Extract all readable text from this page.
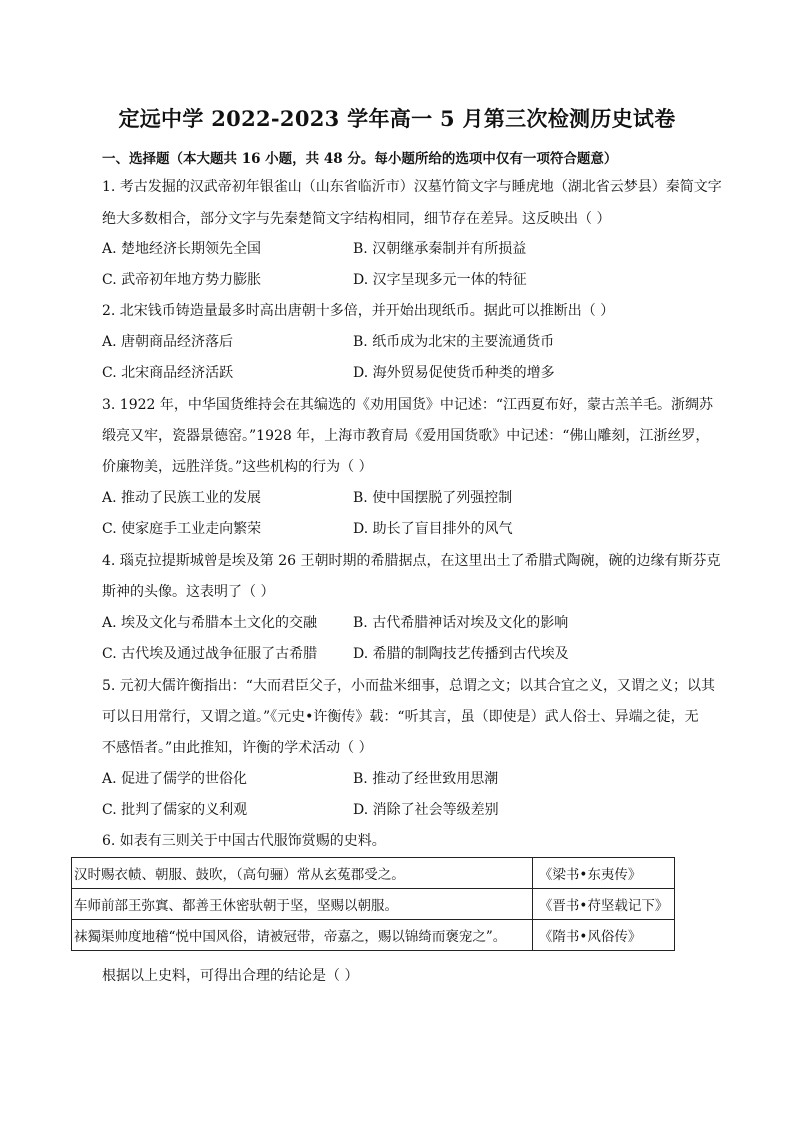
定远中学 2022-2023 学年高一 5 月第三次检测历史试卷
一、选择题（本大题共 16 小题，共 48 分。每小题所给的选项中仅有一项符合题意）
1. 考古发掘的汉武帝初年银雀山（山东省临沂市）汉墓竹简文字与睡虎地（湖北省云梦县）秦简文字
绝大多数相合，部分文字与先秦楚简文字结构相同，细节存在差异。这反映出（ ）
A. 楚地经济长期领先全国	B. 汉朝继承秦制并有所损益
C. 武帝初年地方势力膨胀	D. 汉字呈现多元一体的特征
2. 北宋钱币铸造量最多时高出唐朝十多倍，并开始出现纸币。据此可以推断出（ ）
A. 唐朝商品经济落后	B. 纸币成为北宋的主要流通货币
C. 北宋商品经济活跃	D. 海外贸易促使货币种类的增多
3. 1922 年，中华国货维持会在其编选的《劝用国货》中记述：“江西夏布好，蒙古羔羊毛。浙绸苏
缎亮又牢，瓷器景德窑。”1928 年，上海市教育局《爱用国货歌》中记述：“佛山雕刻，江浙丝罗，
价廉物美，远胜洋货。”这些机构的行为（ ）
A. 推动了民族工业的发展	B. 使中国摆脱了列强控制
C. 使家庭手工业走向繁荣	D. 助长了盲目排外的风气
4. 瑙克拉提斯城曾是埃及第 26 王朝时期的希腊据点，在这里出土了希腊式陶碗，碗的边缘有斯芬克
斯神的头像。这表明了（ ）
A. 埃及文化与希腊本土文化的交融	B. 古代希腊神话对埃及文化的影响
C. 古代埃及通过战争征服了古希腊	D. 希腊的制陶技艺传播到古代埃及
5. 元初大儒许衡指出：“大而君臣父子，小而盐米细事，总谓之文；以其合宜之义，又谓之义；以其
可以日用常行，又谓之道。”《元史•许衡传》载：“听其言，虽（即使是）武人俗士、异端之徒，无
不感悟者。”由此推知，许衡的学术活动（ ）
A. 促进了儒学的世俗化	B. 推动了经世致用思潮
C. 批判了儒家的义利观	D. 消除了社会等级差别
6. 如表有三则关于中国古代服饰赏赐的史料。
汉时赐衣帻、朝服、鼓吹，（高句骊）常从玄菟郡受之。	《梁书•东夷传》
车师前部王弥窴、都善王休密驮朝于坚，坚赐以朝服。	《晋书•苻坚载记下》
袜獨渠帅度地稽“悦中国风俗，请被冠带，帝嘉之，赐以锦绮而褒宠之”。	《隋书•风俗传》
根据以上史料，可得出合理的结论是（ ）
